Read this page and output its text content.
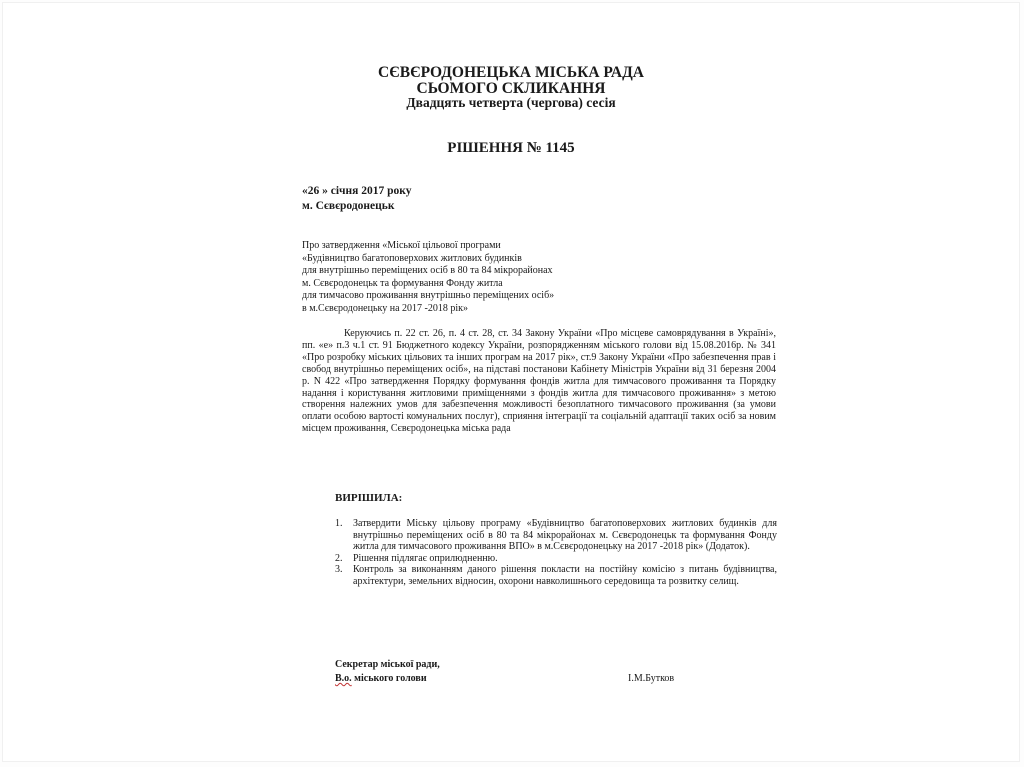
СЄВЄРОДОНЕЦЬКА МІСЬКА РАДА
СЬОМОГО СКЛИКАННЯ
Двадцять четверта (чергова) сесія
РІШЕННЯ № 1145
«26 » січня 2017 року
м. Сєвєродонецьк
Про затвердження «Міської цільової програми
«Будівництво багатоповерхових житлових будинків
для внутрішньо переміщених осіб в 80 та 84 мікрорайонах
м. Сєвєродонецьк та формування Фонду житла
для тимчасово проживання внутрішньо переміщених осіб»
в м.Сєвєродонецьку на 2017 -2018 рік»
Керуючись п. 22 ст. 26, п. 4 ст. 28, ст. 34 Закону України «Про місцеве самоврядування в Україні», пп. «е» п.3 ч.1 ст. 91 Бюджетного кодексу України, розпорядженням міського голови від 15.08.2016р. № 341 «Про розробку міських цільових та інших програм на 2017 рік», ст.9 Закону України «Про забезпечення прав і свобод внутрішньо переміщених осіб», на підставі постанови Кабінету Міністрів України від 31 березня 2004 р. N 422 «Про затвердження Порядку формування фондів житла для тимчасового проживання та Порядку надання і користування житловими приміщеннями з фондів житла для тимчасового проживання» з метою створення належних умов для забезпечення можливості безоплатного тимчасового проживання (за умови оплати особою вартості комунальних послуг), сприяння інтеграції та соціальній адаптації таких осіб за новим місцем проживання, Сєвєродонецька міська рада
ВИРІШИЛА:
1. Затвердити Міську цільову програму «Будівництво багатоповерхових житлових будинків для внутрішньо переміщених осіб в 80 та 84 мікрорайонах м. Сєвєродонецьк та формування Фонду житла для тимчасового проживання ВПО» в м.Сєвєродонецьку на 2017 -2018 рік» (Додаток).
2. Рішення підлягає оприлюдненню.
3. Контроль за виконанням даного рішення покласти на постійну комісію з питань будівництва, архітектури, земельних відносин, охорони навколишнього середовища та розвитку селищ.
Секретар міської ради,
В.о. міського голови	І.М.Бутков
